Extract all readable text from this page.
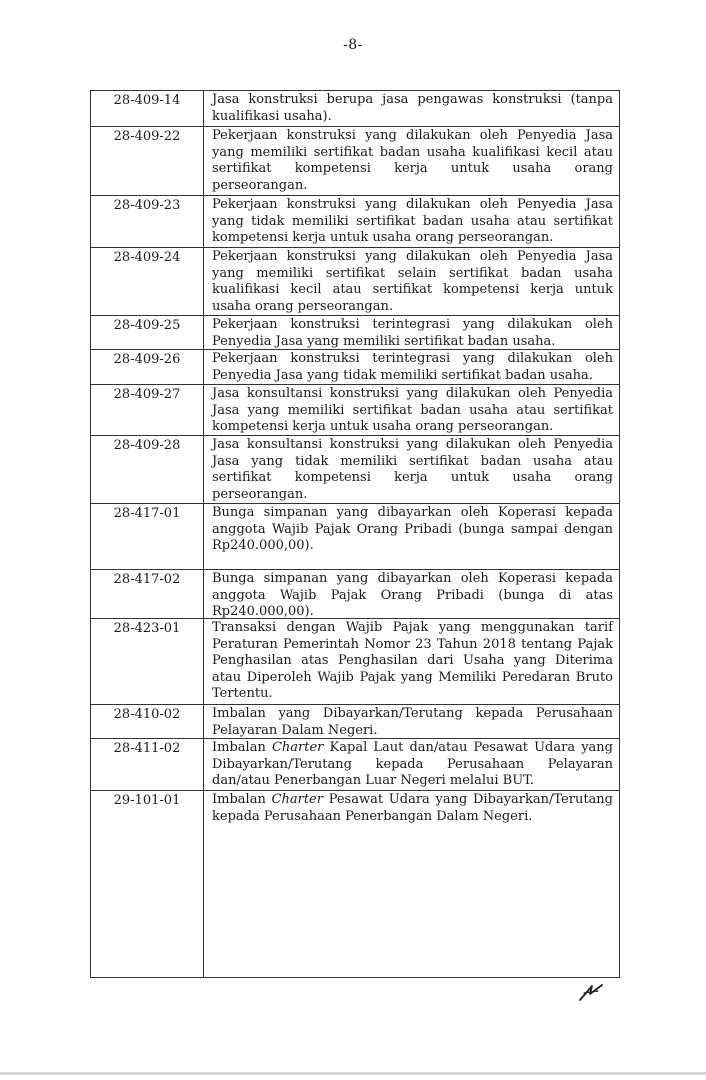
-8-
28-409-14	Jasa konstruksi berupa jasa pengawas konstruksi (tanpa kualifikasi usaha).
28-409-22	Pekerjaan konstruksi yang dilakukan oleh Penyedia Jasa yang memiliki sertifikat badan usaha kualifikasi kecil atau sertifikat kompetensi kerja untuk usaha orang perseorangan.
28-409-23	Pekerjaan konstruksi yang dilakukan oleh Penyedia Jasa yang tidak memiliki sertifikat badan usaha atau sertifikat kompetensi kerja untuk usaha orang perseorangan.
28-409-24	Pekerjaan konstruksi yang dilakukan oleh Penyedia Jasa yang memiliki sertifikat selain sertifikat badan usaha kualifikasi kecil atau sertifikat kompetensi kerja untuk usaha orang perseorangan.
28-409-25	Pekerjaan konstruksi terintegrasi yang dilakukan oleh Penyedia Jasa yang memiliki sertifikat badan usaha.
28-409-26	Pekerjaan konstruksi terintegrasi yang dilakukan oleh Penyedia Jasa yang tidak memiliki sertifikat badan usaha.
28-409-27	Jasa konsultansi konstruksi yang dilakukan oleh Penyedia Jasa yang memiliki sertifikat badan usaha atau sertifikat kompetensi kerja untuk usaha orang perseorangan.
28-409-28	Jasa konsultansi konstruksi yang dilakukan oleh Penyedia Jasa yang tidak memiliki sertifikat badan usaha atau sertifikat kompetensi kerja untuk usaha orang perseorangan.
28-417-01	Bunga simpanan yang dibayarkan oleh Koperasi kepada anggota Wajib Pajak Orang Pribadi (bunga sampai dengan Rp240.000,00).
28-417-02	Bunga simpanan yang dibayarkan oleh Koperasi kepada anggota Wajib Pajak Orang Pribadi (bunga di atas Rp240.000,00).
28-423-01	Transaksi dengan Wajib Pajak yang menggunakan tarif Peraturan Pemerintah Nomor 23 Tahun 2018 tentang Pajak Penghasilan atas Penghasilan dari Usaha yang Diterima atau Diperoleh Wajib Pajak yang Memiliki Peredaran Bruto Tertentu.
28-410-02	Imbalan yang Dibayarkan/Terutang kepada Perusahaan Pelayaran Dalam Negeri.
28-411-02	Imbalan Charter Kapal Laut dan/atau Pesawat Udara yang Dibayarkan/Terutang kepada Perusahaan Pelayaran dan/atau Penerbangan Luar Negeri melalui BUT.
29-101-01	Imbalan Charter Pesawat Udara yang Dibayarkan/Terutang kepada Perusahaan Penerbangan Dalam Negeri.
